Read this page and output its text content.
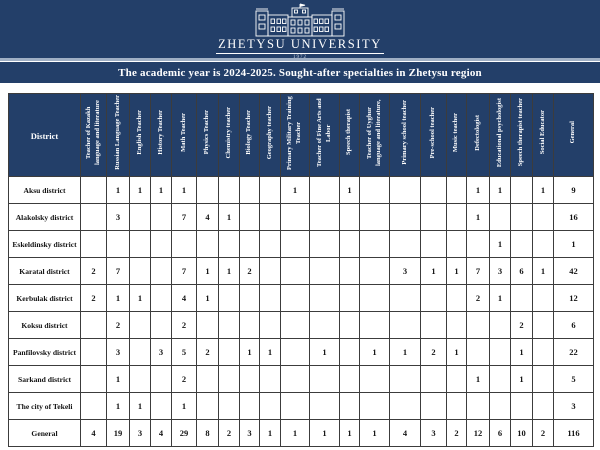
ZHETYSU UNIVERSITY
1972
The academic year is 2024-2025. Sought-after specialties in Zhetysu region
District	Teacher of Kazakh language and literature	Russian Language Teacher	English Teacher	History Teacher	Math Teacher	Physics Teacher	Chemistry teacher	Biology Teacher	Geography teacher	Primary Military Training Teacher	Teacher of Fine Arts and Labor	Speech therapist	Teacher of Uyghur language and literature,	Primary school teacher	Pre-school teacher	Music teacher	Defectologist	Educational psychologist	Speech therapist teacher	Social Educator	General
Aksu district		1	1	1	1					1		1					1	1		1	9
Alakolsky district		3			7	4	1										1				16
Eskeldinsky district																		1			1
Karatal district	2	7			7	1	1	2						3	1	1	7	3	6	1	42
Kerbulak district	2	1	1		4	1											2	1			12
Koksu district		2			2														2		6
Panfilovsky district		3		3	5	2		1	1		1		1	1	2	1			1		22
Sarkand district		1			2												1		1		5
The city of Tekeli		1	1		1																3
General	4	19	3	4	29	8	2	3	1	1	1	1	1	4	3	2	12	6	10	2	116
